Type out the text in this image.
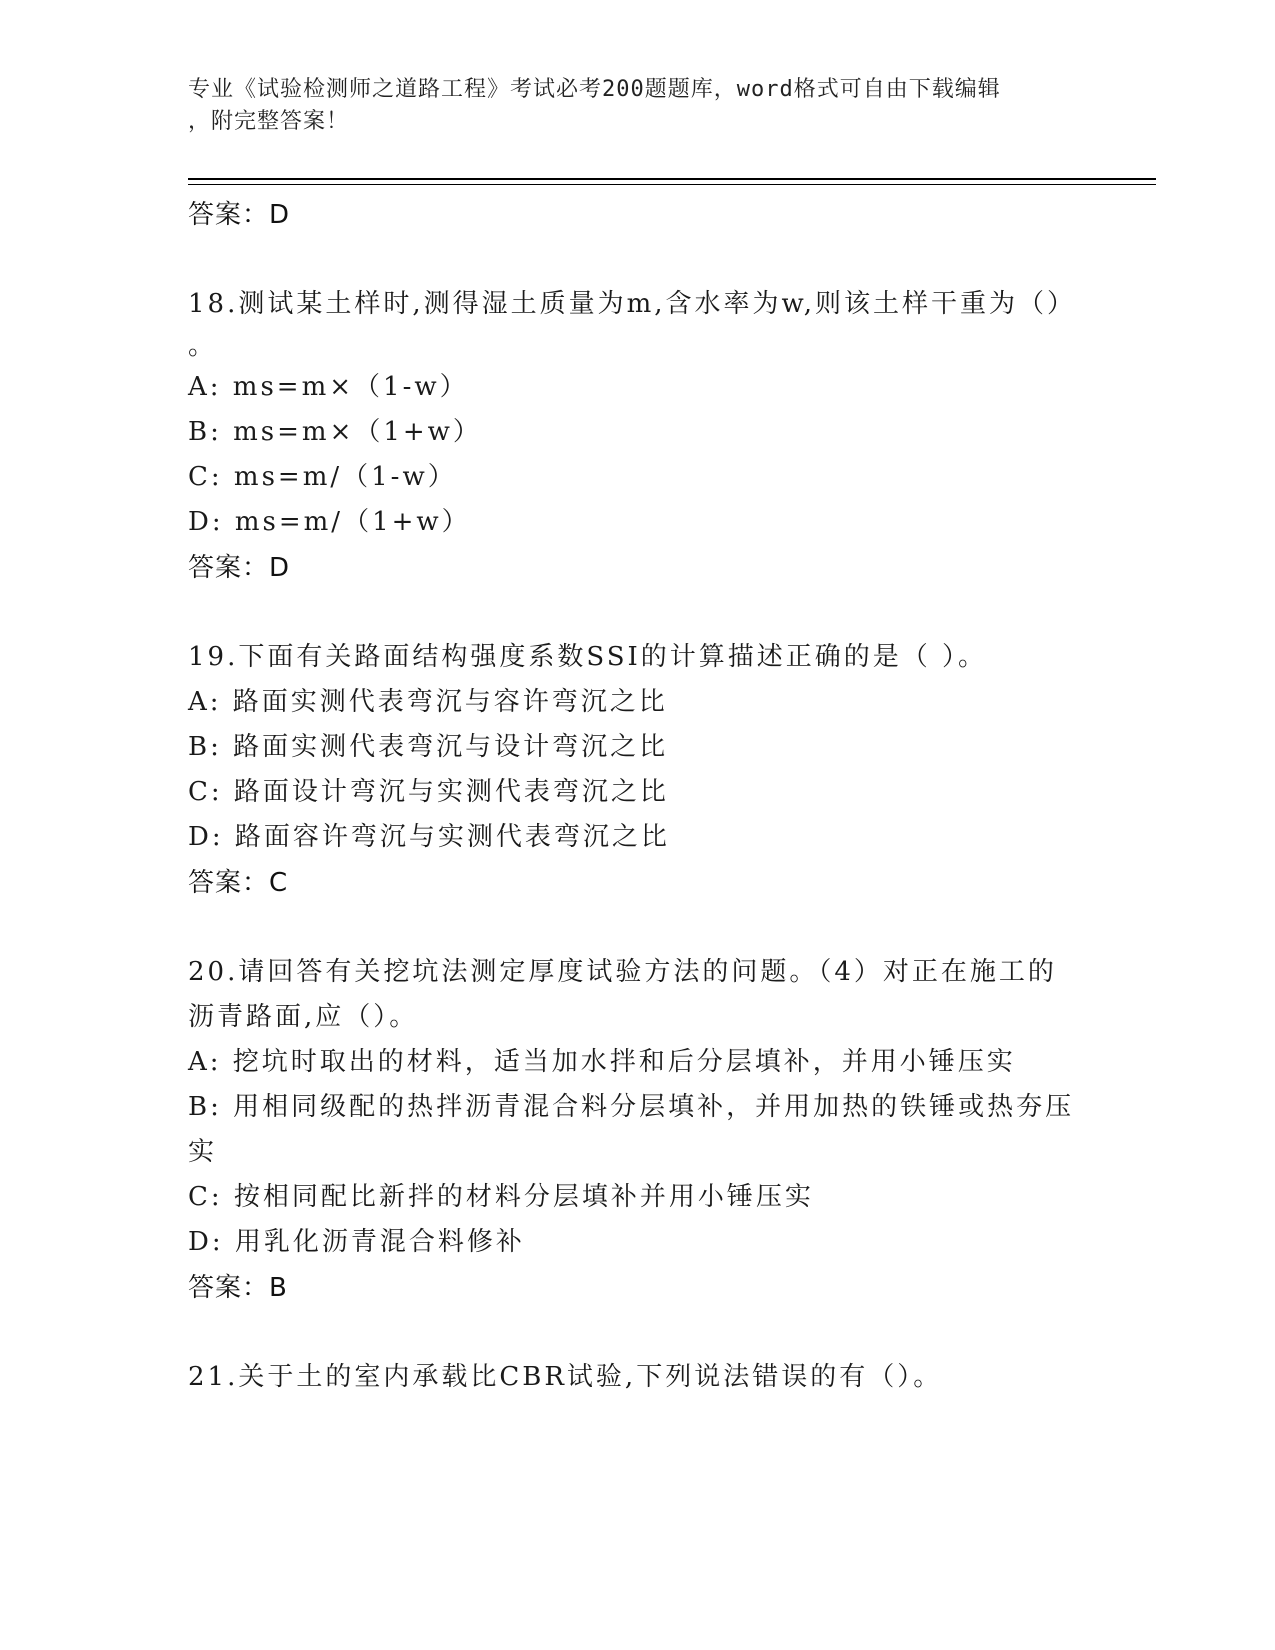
专业《试验检测师之道路工程》考试必考200题题库，word格式可自由下载编辑
，附完整答案！
答案：D
18.测试某土样时,测得湿土质量为m,含水率为w,则该土样干重为（）
。
A: ms=m×（1-w）
B: ms=m×（1+w）
C: ms=m/（1-w）
D: ms=m/（1+w）
答案：D
19.下面有关路面结构强度系数SSI的计算描述正确的是（ ）。
A: 路面实测代表弯沉与容许弯沉之比
B: 路面实测代表弯沉与设计弯沉之比
C: 路面设计弯沉与实测代表弯沉之比
D: 路面容许弯沉与实测代表弯沉之比
答案：C
20.请回答有关挖坑法测定厚度试验方法的问题。（4）对正在施工的
沥青路面,应（）。
A: 挖坑时取出的材料，适当加水拌和后分层填补，并用小锤压实
B: 用相同级配的热拌沥青混合料分层填补，并用加热的铁锤或热夯压
实
C: 按相同配比新拌的材料分层填补并用小锤压实
D: 用乳化沥青混合料修补
答案：B
21.关于土的室内承载比CBR试验,下列说法错误的有（）。
